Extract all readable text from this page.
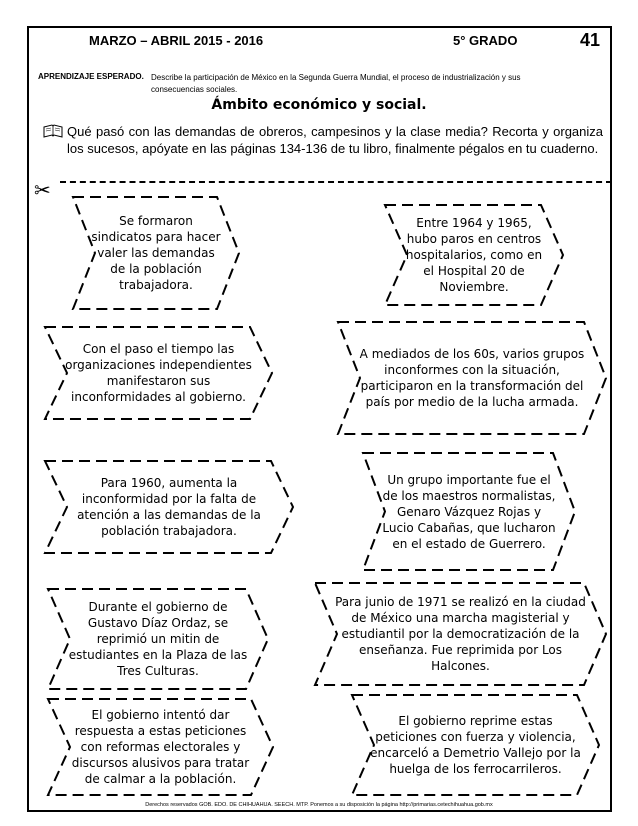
MARZO – ABRIL 2015 - 2016	5° GRADO	41
APRENDIZAJE ESPERADO. Describe la participación de México en la Segunda Guerra Mundial, el proceso de industrialización y sus consecuencias sociales.
Ámbito económico y social.
Qué pasó con las demandas de obreros, campesinos y la clase media? Recorta y organiza los sucesos, apóyate en las páginas 134-136 de tu libro, finalmente pégalos en tu cuaderno.
✂
Se formaron sindicatos para hacer valer las demandas de la población trabajadora.
Entre 1964 y 1965, hubo paros en centros hospitalarios, como en el Hospital 20 de Noviembre.
Con el paso el tiempo las organizaciones independientes manifestaron sus inconformidades al gobierno.
A mediados de los 60s, varios grupos inconformes con la situación, participaron en la transformación del país por medio de la lucha armada.
Para 1960, aumenta la inconformidad por la falta de atención a las demandas de la población trabajadora.
Un grupo importante fue el de los maestros normalistas, Genaro Vázquez Rojas y Lucio Cabañas, que lucharon en el estado de Guerrero.
Durante el gobierno de Gustavo Díaz Ordaz, se reprimió un mitin de estudiantes en la Plaza de las Tres Culturas.
Para junio de 1971 se realizó en la ciudad de México una marcha magisterial y estudiantil por la democratización de la enseñanza. Fue reprimida por Los Halcones.
El gobierno intentó dar respuesta a estas peticiones con reformas electorales y discursos alusivos para tratar de calmar a la población.
El gobierno reprime estas peticiones con fuerza y violencia, encarceló a Demetrio Vallejo por la huelga de los ferrocarrileros.
Derechos reservados GOB. EDO. DE CHIHUAHUA. SEECH. MTP. Ponemos a su disposición la página http://primarias.cetechihuahua.gob.mx
